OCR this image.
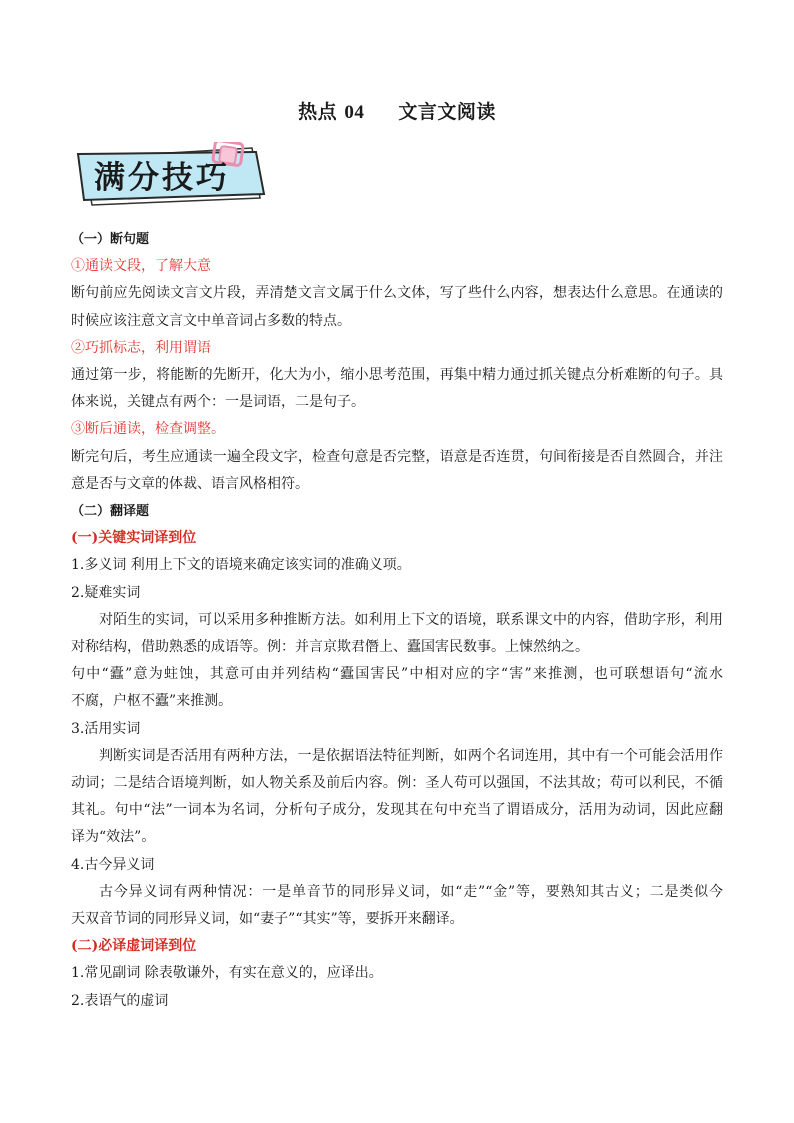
热点 04 文言文阅读
满分技巧
（一）断句题
①通读文段，了解大意
断句前应先阅读文言文片段，弄清楚文言文属于什么文体，写了些什么内容，想表达什么意思。在通读的
时候应该注意文言文中单音词占多数的特点。
②巧抓标志，利用谓语
通过第一步，将能断的先断开，化大为小，缩小思考范围，再集中精力通过抓关键点分析难断的句子。具
体来说，关键点有两个：一是词语，二是句子。
③断后通读，检查调整。
断完句后，考生应通读一遍全段文字，检查句意是否完整，语意是否连贯，句间衔接是否自然圆合，并注
意是否与文章的体裁、语言风格相符。
（二）翻译题
(一)关键实词译到位
1.多义词 利用上下文的语境来确定该实词的准确义项。
2.疑难实词
对陌生的实词，可以采用多种推断方法。如利用上下文的语境，联系课文中的内容，借助字形，利用
对称结构，借助熟悉的成语等。例：并言京欺君僭上、蠹国害民数事。上悚然纳之。
句中“蠹”意为蛀蚀，其意可由并列结构“蠹国害民”中相对应的字“害”来推测，也可联想语句“流水
不腐，户枢不蠹”来推测。
3.活用实词
判断实词是否活用有两种方法，一是依据语法特征判断，如两个名词连用，其中有一个可能会活用作
动词；二是结合语境判断，如人物关系及前后内容。例：圣人苟可以强国，不法其故；苟可以利民，不循
其礼。句中“法”一词本为名词，分析句子成分，发现其在句中充当了谓语成分，活用为动词，因此应翻
译为“效法”。
4.古今异义词
古今异义词有两种情况：一是单音节的同形异义词，如“走”“金”等，要熟知其古义；二是类似今
天双音节词的同形异义词，如“妻子”“其实”等，要拆开来翻译。
(二)必译虚词译到位
1.常见副词 除表敬谦外，有实在意义的，应译出。
2.表语气的虚词
